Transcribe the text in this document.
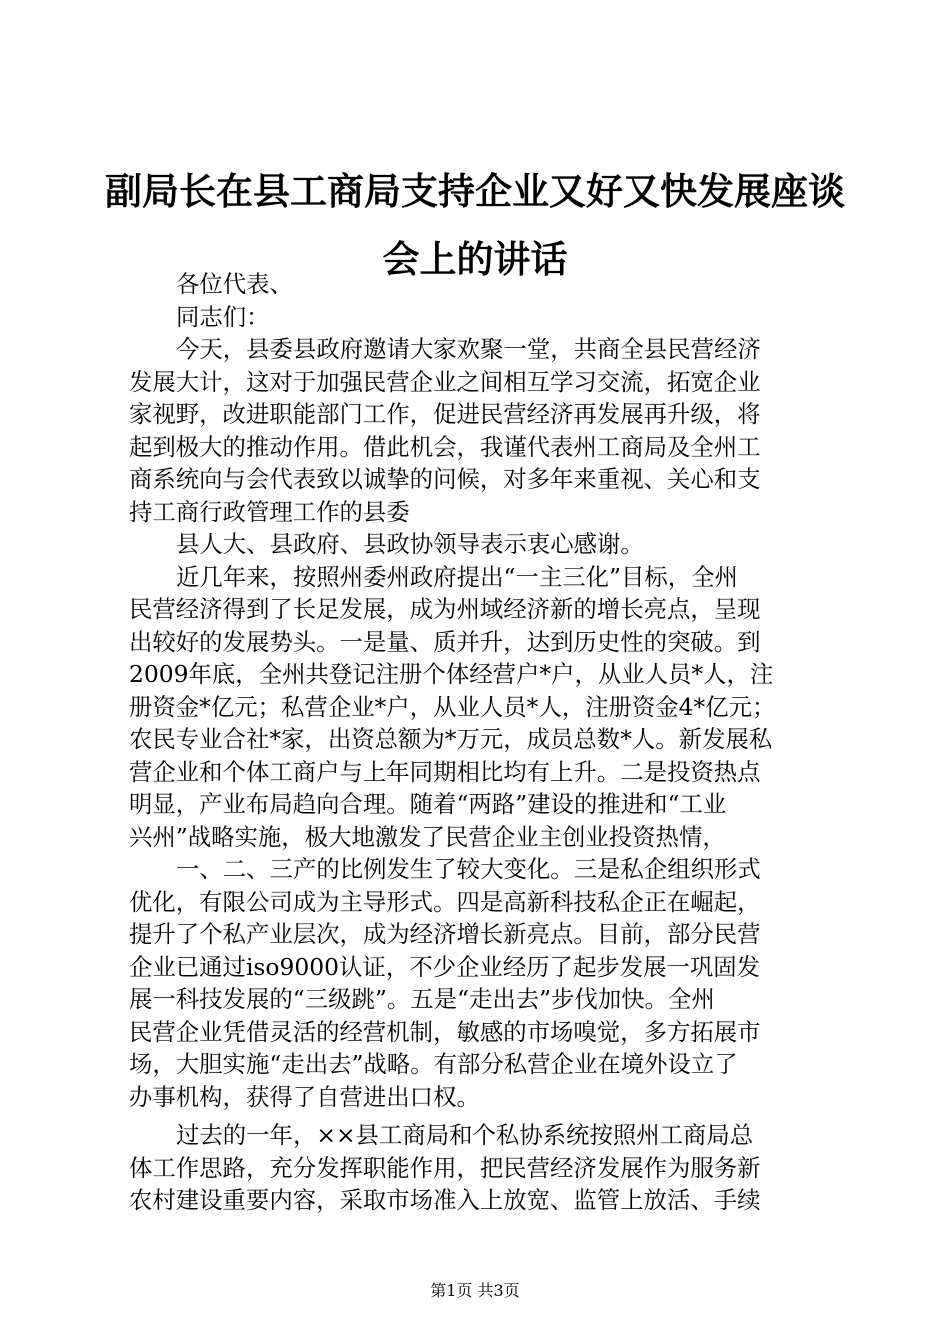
副局长在县工商局支持企业又好又快发展座谈
会上的讲话
各位代表、
同志们：
今天，县委县政府邀请大家欢聚一堂，共商全县民营经济
发展大计，这对于加强民营企业之间相互学习交流，拓宽企业
家视野，改进职能部门工作，促进民营经济再发展再升级，将
起到极大的推动作用。借此机会，我谨代表州工商局及全州工
商系统向与会代表致以诚挚的问候，对多年来重视、关心和支
持工商行政管理工作的县委
县人大、县政府、县政协领导表示衷心感谢。
近几年来，按照州委州政府提出“一主三化”目标，全州
民营经济得到了长足发展，成为州域经济新的增长亮点，呈现
出较好的发展势头。一是量、质并升，达到历史性的突破。到
2009年底，全州共登记注册个体经营户*户，从业人员*人，注
册资金*亿元；私营企业*户，从业人员*人，注册资金4*亿元；
农民专业合社*家，出资总额为*万元，成员总数*人。新发展私
营企业和个体工商户与上年同期相比均有上升。二是投资热点
明显，产业布局趋向合理。随着“两路”建设的推进和“工业
兴州”战略实施，极大地激发了民营企业主创业投资热情，
一、二、三产的比例发生了较大变化。三是私企组织形式
优化，有限公司成为主导形式。四是高新科技私企正在崛起，
提升了个私产业层次，成为经济增长新亮点。目前，部分民营
企业已通过iso9000认证，不少企业经历了起步发展一巩固发
展一科技发展的“三级跳”。五是“走出去”步伐加快。全州
民营企业凭借灵活的经营机制，敏感的市场嗅觉，多方拓展市
场，大胆实施“走出去”战略。有部分私营企业在境外设立了
办事机构，获得了自营进出口权。
过去的一年，××县工商局和个私协系统按照州工商局总
体工作思路，充分发挥职能作用，把民营经济发展作为服务新
农村建设重要内容，采取市场准入上放宽、监管上放活、手续
第1页 共3页
